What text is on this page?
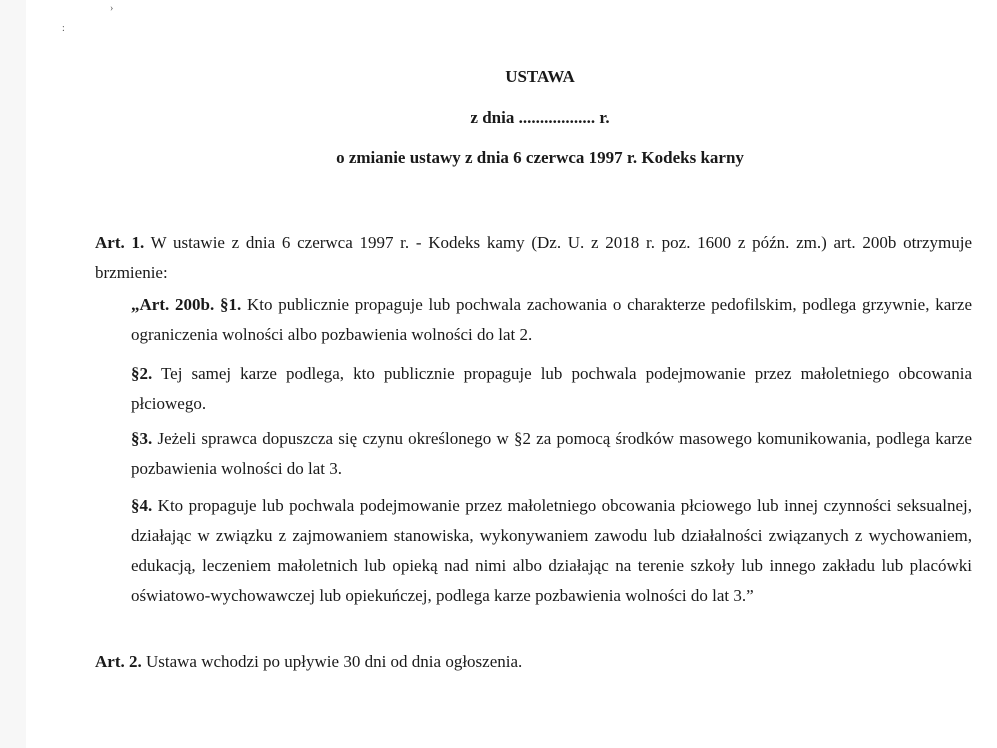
›
:
USTAWA
z dnia .................. r.
o zmianie ustawy z dnia 6 czerwca 1997 r. Kodeks karny
Art. 1. W ustawie z dnia 6 czerwca 1997 r. - Kodeks kamy (Dz. U. z 2018 r. poz. 1600 z późn. zm.) art. 200b otrzymuje brzmienie:
„Art. 200b. §1. Kto publicznie propaguje lub pochwala zachowania o charakterze pedofilskim, podlega grzywnie, karze ograniczenia wolności albo pozbawienia wolności do lat 2.
§2. Tej samej karze podlega, kto publicznie propaguje lub pochwala podejmowanie przez małoletniego obcowania płciowego.
§3. Jeżeli sprawca dopuszcza się czynu określonego w §2 za pomocą środków masowego komunikowania, podlega karze pozbawienia wolności do lat 3.
§4. Kto propaguje lub pochwala podejmowanie przez małoletniego obcowania płciowego lub innej czynności seksualnej, działając w związku z zajmowaniem stanowiska, wykonywaniem zawodu lub działalności związanych z wychowaniem, edukacją, leczeniem małoletnich lub opieką nad nimi albo działając na terenie szkoły lub innego zakładu lub placówki oświatowo-wychowawczej lub opiekuńczej, podlega karze pozbawienia wolności do lat 3.”
Art. 2. Ustawa wchodzi po upływie 30 dni od dnia ogłoszenia.
